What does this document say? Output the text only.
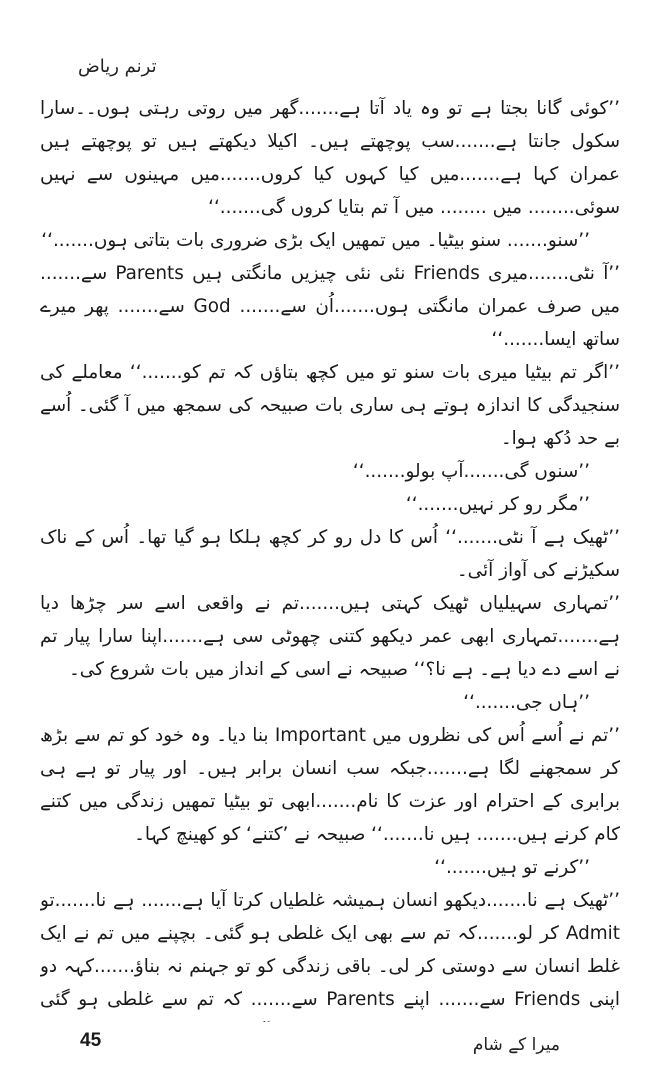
ترنم ریاض

’’کوئی گانا بجتا ہے تو وہ یاد آتا ہے.......گھر میں روتی رہتی ہوں۔۔سارا سکول جانتا ہے.......سب پوچھتے ہیں۔ اکیلا دیکھتے ہیں تو پوچھتے ہیں عمران کہا ہے.......میں کیا کہوں کیا کروں.......میں مہینوں سے نہیں سوئی........ میں ........ میں آ تم بتایا کروں گی.......‘‘

’’سنو....... سنو بیٹیا۔ میں تمھیں ایک بڑی ضروری بات بتاتی ہوں.......‘‘

’’آ نٹی.......میری Friends نئی نئی چیزیں مانگتی ہیں Parents سے....... میں صرف عمران مانگتی ہوں.......اُن سے....... God سے....... پھر میرے ساتھ ایسا.......‘‘

’’اگر تم بیٹیا میری بات سنو تو میں کچھ بتاؤں کہ تم کو.......‘‘ معاملے کی سنجیدگی کا اندازہ ہوتے ہی ساری بات صبیحہ کی سمجھ میں آ گئی۔ اُسے بے حد دُکھ ہوا۔

’’سنوں گی.......آپ بولو.......‘‘

’’مگر رو کر نہیں.......‘‘

’’ٹھیک ہے آ نٹی.......‘‘ اُس کا دل رو کر کچھ ہلکا ہو گیا تھا۔ اُس کے ناک سکیڑنے کی آواز آئی۔

’’تمہاری سہیلیاں ٹھیک کہتی ہیں.......تم نے واقعی اسے سر چڑھا دیا ہے.......تمہاری ابھی عمر دیکھو کتنی چھوٹی سی ہے.......اپنا سارا پیار تم نے اسے دے دیا ہے۔ ہے نا؟‘‘ صبیحہ نے اسی کے انداز میں بات شروع کی۔

’’ہاں جی.......‘‘

’’تم نے اُسے اُس کی نظروں میں Important بنا دیا۔ وہ خود کو تم سے بڑھ کر سمجھنے لگا ہے.......جبکہ سب انسان برابر ہیں۔ اور پیار تو ہے ہی برابری کے احترام اور عزت کا نام.......ابھی تو بیٹیا تمھیں زندگی میں کتنے کام کرنے ہیں....... ہیں نا.......‘‘ صبیحہ نے ’کتنے‘ کو کھینچ کہا۔

’’کرنے تو ہیں.......‘‘

’’ٹھیک ہے نا.......دیکھو انسان ہمیشہ غلطیاں کرتا آیا ہے....... ہے نا.......تو Admit کر لو.......کہ تم سے بھی ایک غلطی ہو گئی۔ بچپنے میں تم نے ایک غلط انسان سے دوستی کر لی۔ باقی زندگی کو تو جہنم نہ بناؤ.......کہہ دو اپنی Friends سے....... اپنے Parents سے....... کہ تم سے غلطی ہو گئی

45	میرا کے شام
